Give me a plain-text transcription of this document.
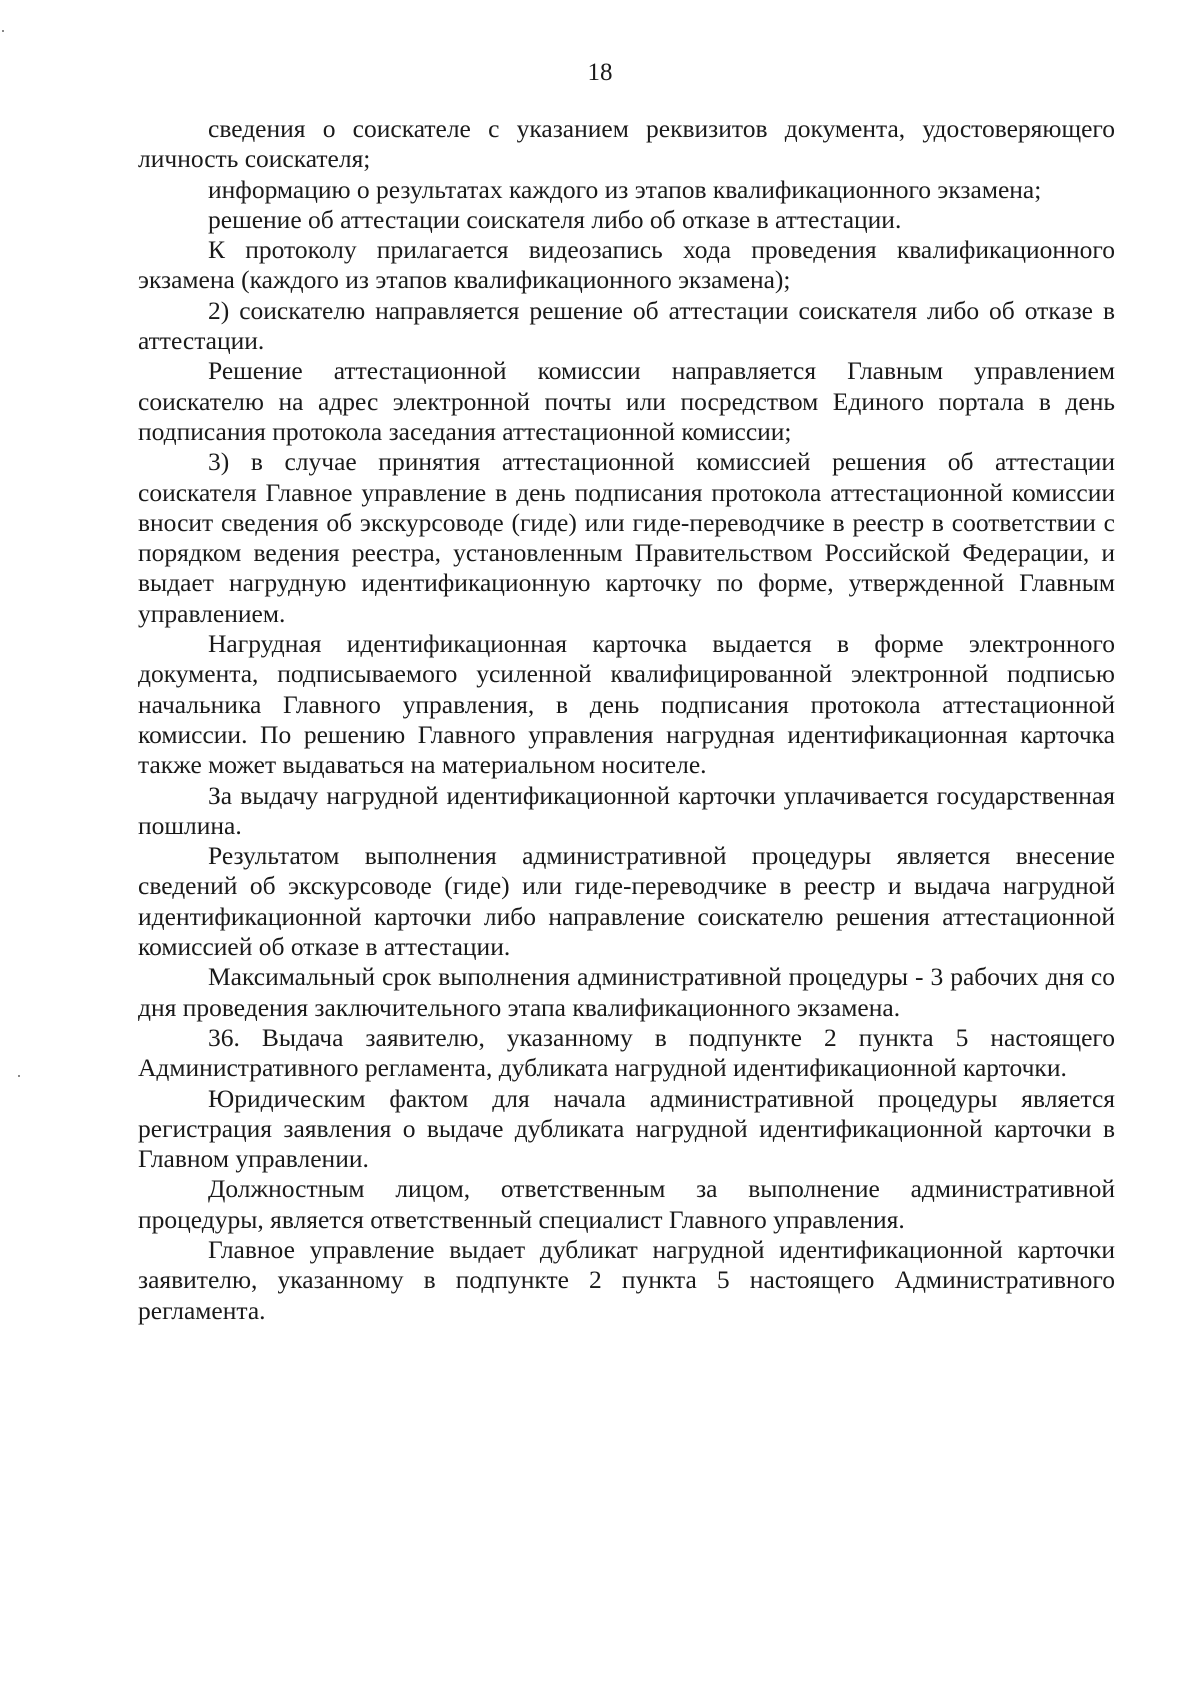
18

сведения о соискателе с указанием реквизитов документа, удостоверяющего личность соискателя;

информацию о результатах каждого из этапов квалификационного экзамена;

решение об аттестации соискателя либо об отказе в аттестации.

К протоколу прилагается видеозапись хода проведения квалификационного экзамена (каждого из этапов квалификационного экзамена);

2) соискателю направляется решение об аттестации соискателя либо об отказе в аттестации.

Решение аттестационной комиссии направляется Главным управлением соискателю на адрес электронной почты или посредством Единого портала в день подписания протокола заседания аттестационной комиссии;

3) в случае принятия аттестационной комиссией решения об аттестации соискателя Главное управление в день подписания протокола аттестационной комиссии вносит сведения об экскурсоводе (гиде) или гиде-переводчике в реестр в соответствии с порядком ведения реестра, установленным Правительством Российской Федерации, и выдает нагрудную идентификационную карточку по форме, утвержденной Главным управлением.

Нагрудная идентификационная карточка выдается в форме электронного документа, подписываемого усиленной квалифицированной электронной подписью начальника Главного управления, в день подписания протокола аттестационной комиссии. По решению Главного управления нагрудная идентификационная карточка также может выдаваться на материальном носителе.

За выдачу нагрудной идентификационной карточки уплачивается государственная пошлина.

Результатом выполнения административной процедуры является внесение сведений об экскурсоводе (гиде) или гиде-переводчике в реестр и выдача нагрудной идентификационной карточки либо направление соискателю решения аттестационной комиссией об отказе в аттестации.

Максимальный срок выполнения административной процедуры - 3 рабочих дня со дня проведения заключительного этапа квалификационного экзамена.

36. Выдача заявителю, указанному в подпункте 2 пункта 5 настоящего Административного регламента, дубликата нагрудной идентификационной карточки.

Юридическим фактом для начала административной процедуры является регистрация заявления о выдаче дубликата нагрудной идентификационной карточки в Главном управлении.

Должностным лицом, ответственным за выполнение административной процедуры, является ответственный специалист Главного управления.

Главное управление выдает дубликат нагрудной идентификационной карточки заявителю, указанному в подпункте 2 пункта 5 настоящего Административного регламента.
